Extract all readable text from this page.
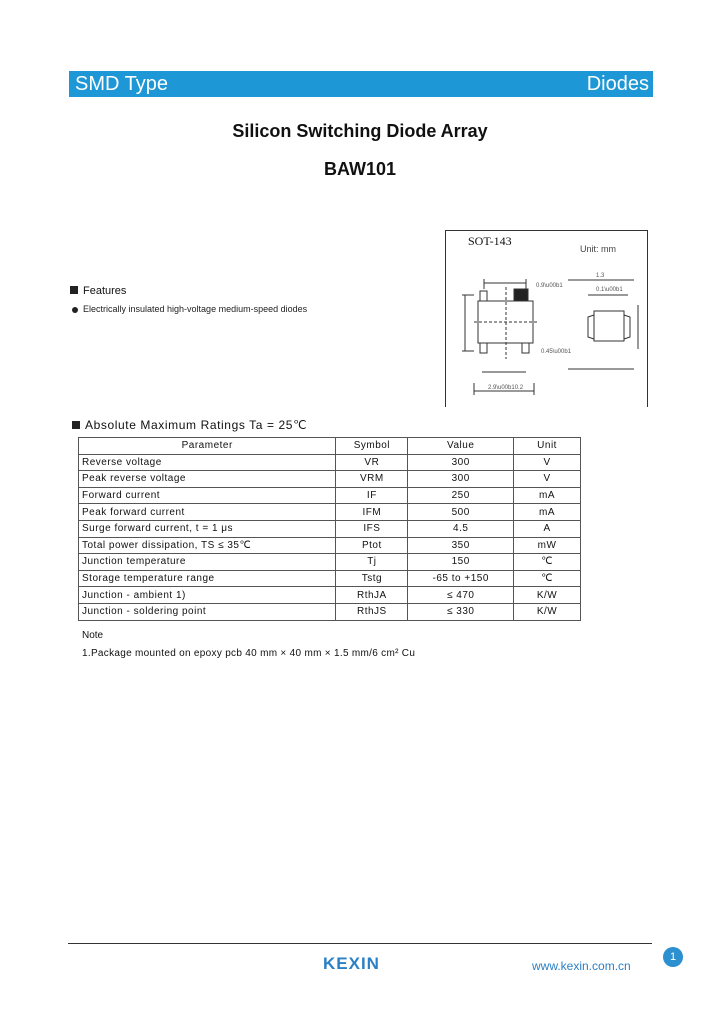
SMD Type	Diodes
Silicon Switching Diode Array
BAW101
SOT-143
Unit: mm
0.9\u00b1
0.45\u00b1
2.9\u00b10.2
1.3
0.1\u00b1
Features
Electrically insulated high-voltage medium-speed diodes
Absolute Maximum Ratings Ta = 25℃
Parameter	Symbol	Value	Unit
Reverse voltage	VR	300	V
Peak reverse voltage	VRM	300	V
Forward current	IF	250	mA
Peak forward current	IFM	500	mA
Surge forward current, t = 1 μs	IFS	4.5	A
Total power dissipation, TS ≤ 35℃	Ptot	350	mW
Junction temperature	Tj	150	℃
Storage temperature range	Tstg	-65 to +150	℃
Junction - ambient 1)	RthJA	≤ 470	K/W
Junction - soldering point	RthJS	≤ 330	K/W
Note
1.Package mounted on epoxy pcb 40 mm × 40 mm × 1.5 mm/6 cm² Cu
KEXIN	www.kexin.com.cn
1
